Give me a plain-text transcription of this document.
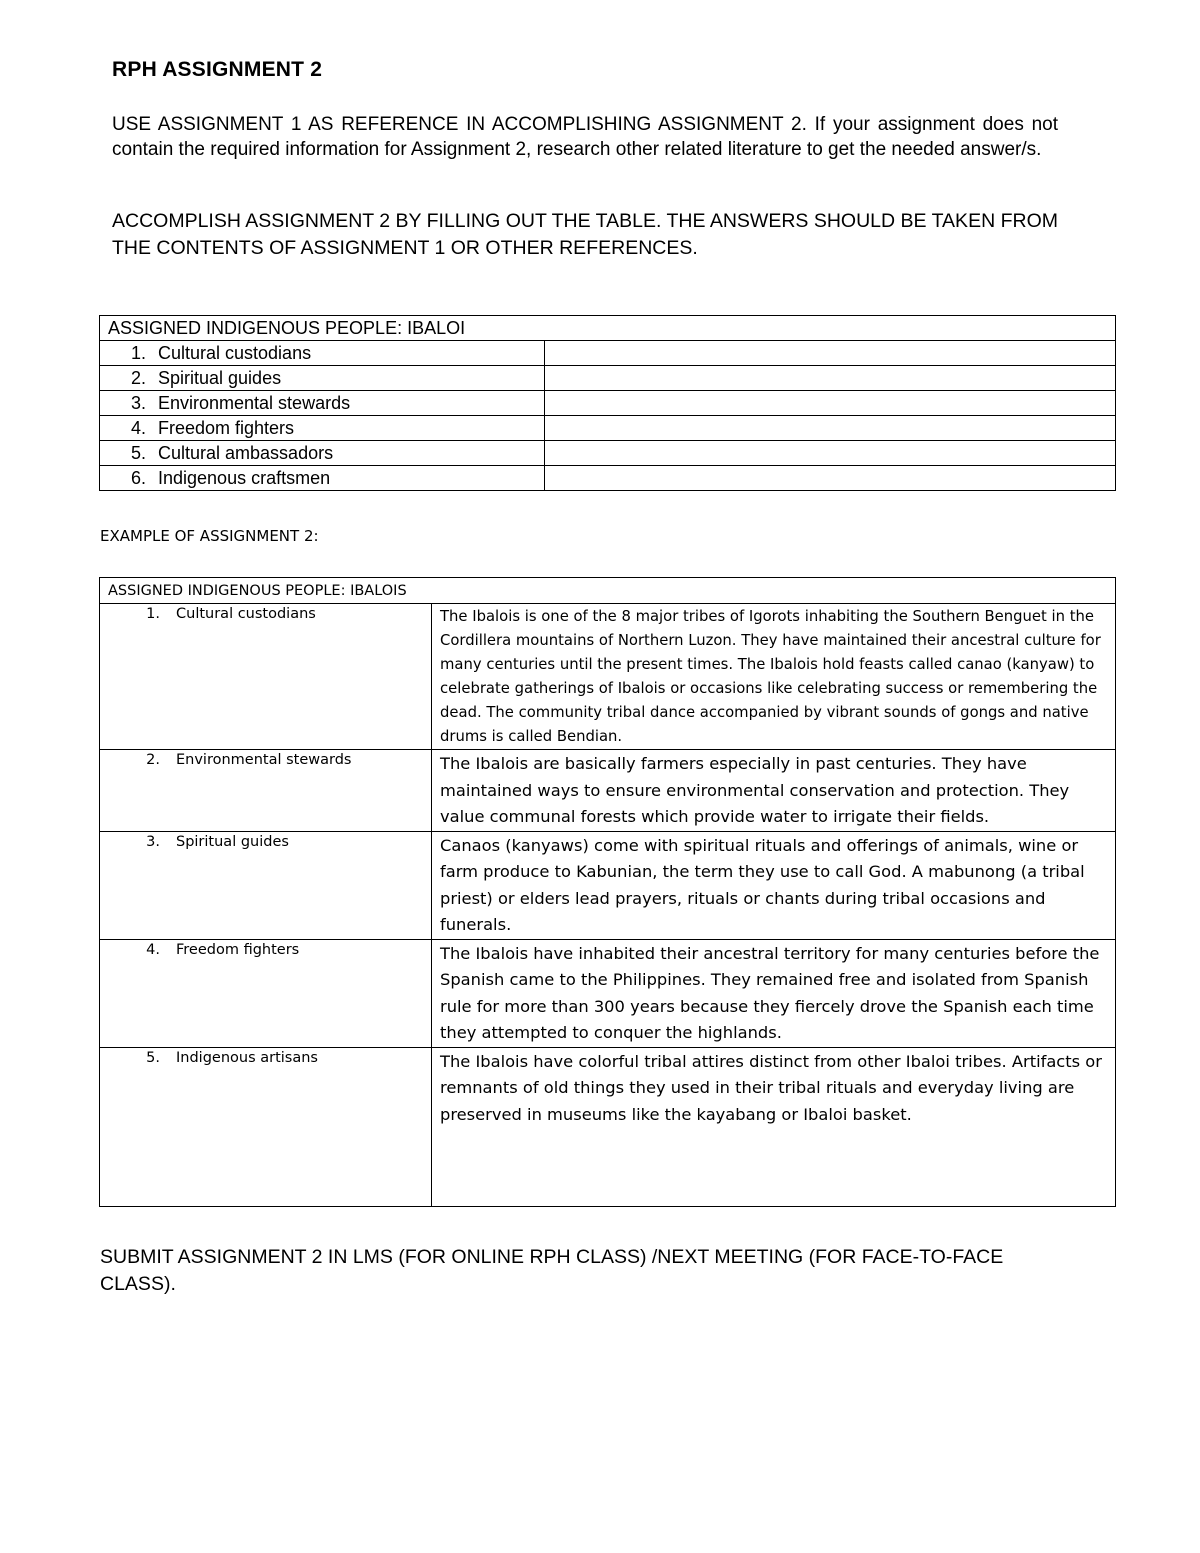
RPH ASSIGNMENT 2
USE ASSIGNMENT 1 AS REFERENCE IN ACCOMPLISHING ASSIGNMENT 2. If your assignment does not contain the required information for Assignment 2, research other related literature to get the needed answer/s.
ACCOMPLISH ASSIGNMENT 2 BY FILLING OUT THE TABLE. THE ANSWERS SHOULD BE TAKEN FROM THE CONTENTS OF ASSIGNMENT 1 OR OTHER REFERENCES.
ASSIGNED INDIGENOUS PEOPLE: IBALOI	
1 . Cultural custodians	
2 . Spiritual guides	
3 . Environmental stewards	
4 . Freedom fighters	
5 . Cultural ambassadors	
6 . Indigenous craftsmen	
EXAMPLE OF ASSIGNMENT 2:
ASSIGNED INDIGENOUS PEOPLE: IBALOIS	
1 . Cultural custodians	The Ibalois is one of the 8 major tribes of Igorots inhabiting the Southern Benguet in the Cordillera mountains of Northern Luzon. They have maintained their ancestral culture for many centuries until the present times. The Ibalois hold feasts called canao (kanyaw) to celebrate gatherings of Ibalois or occasions like celebrating success or remembering the dead. The community tribal dance accompanied by vibrant sounds of gongs and native drums is called Bendian.
2 . Environmental stewards	The Ibalois are basically farmers especially in past centuries. They have maintained ways to ensure environmental conservation and protection. They value communal forests which provide water to irrigate their fields.
3 . Spiritual guides	Canaos (kanyaws) come with spiritual rituals and offerings of animals, wine or farm produce to Kabunian, the term they use to call God. A mabunong (a tribal priest) or elders lead prayers, rituals or chants during tribal occasions and funerals.
4 . Freedom fighters	The Ibalois have inhabited their ancestral territory for many centuries before the Spanish came to the Philippines. They remained free and isolated from Spanish rule for more than 300 years because they fiercely drove the Spanish each time they attempted to conquer the highlands.
5 . Indigenous artisans	The Ibalois have colorful tribal attires distinct from other Ibaloi tribes. Artifacts or remnants of old things they used in their tribal rituals and everyday living are preserved in museums like the kayabang or Ibaloi basket.
SUBMIT ASSIGNMENT 2 IN LMS (FOR ONLINE RPH CLASS) /NEXT MEETING (FOR FACE-TO-FACE CLASS).
